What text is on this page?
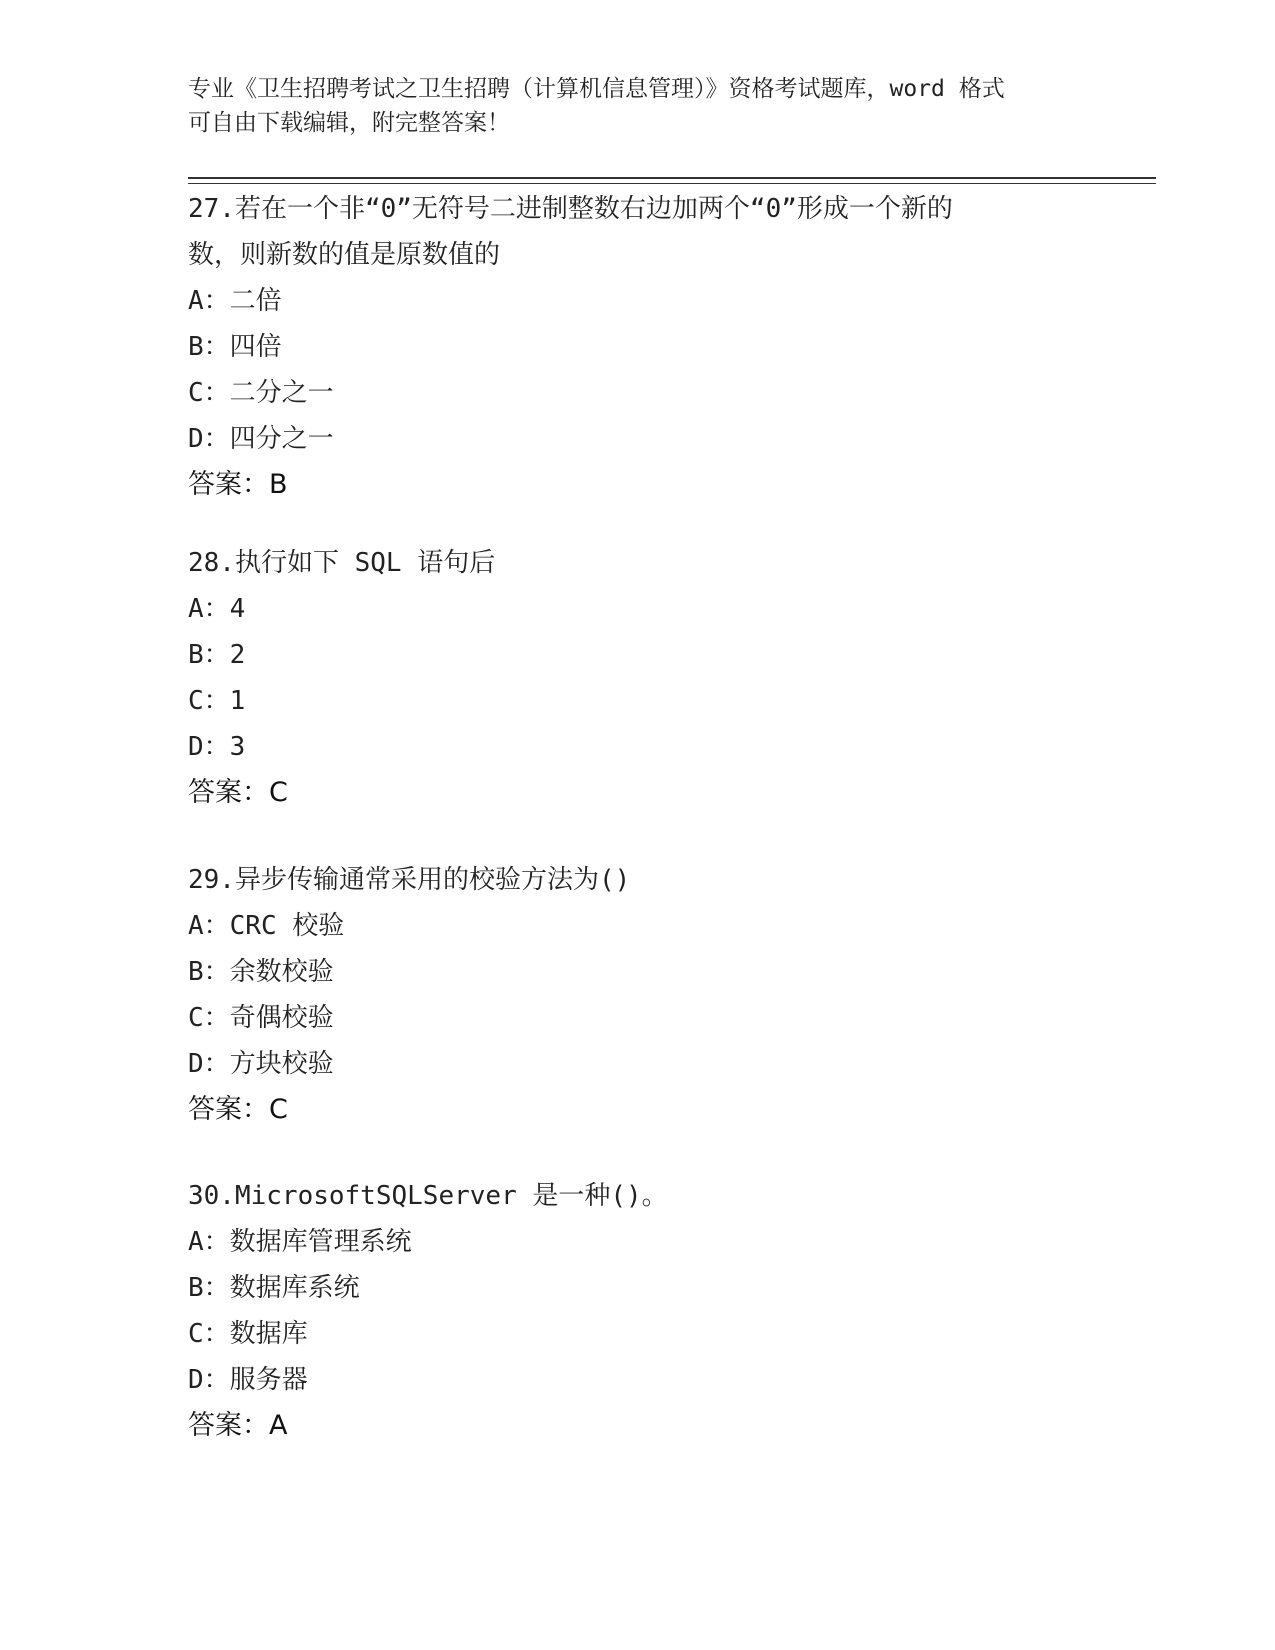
专业《卫生招聘考试之卫生招聘（计算机信息管理）》资格考试题库，word 格式
可自由下载编辑，附完整答案！
27.若在一个非“0”无符号二进制整数右边加两个“0”形成一个新的
数，则新数的值是原数值的
A：二倍
B：四倍
C：二分之一
D：四分之一
答案：B
28.执行如下 SQL 语句后
A：4
B：2
C：1
D：3
答案：C
29.异步传输通常采用的校验方法为()
A：CRC 校验
B：余数校验
C：奇偶校验
D：方块校验
答案：C
30.MicrosoftSQLServer 是一种()。
A：数据库管理系统
B：数据库系统
C：数据库
D：服务器
答案：A
